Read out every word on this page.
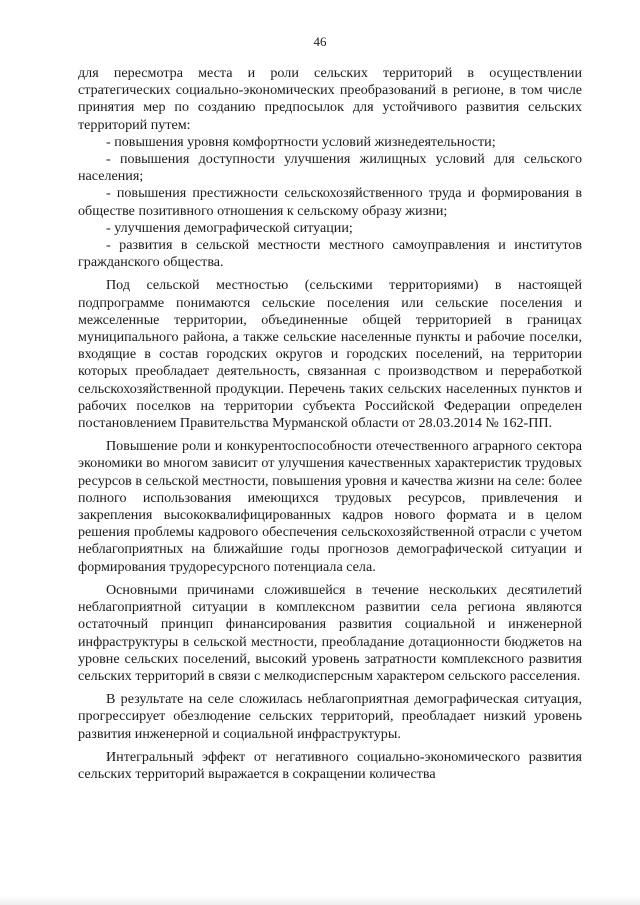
46

для пересмотра места и роли сельских территорий в осуществлении стратегических социально-экономических преобразований в регионе, в том числе принятия мер по созданию предпосылок для устойчивого развития сельских территорий путем:

- повышения уровня комфортности условий жизнедеятельности;

- повышения доступности улучшения жилищных условий для сельского населения;

- повышения престижности сельскохозяйственного труда и формирования в обществе позитивного отношения к сельскому образу жизни;

- улучшения демографической ситуации;

- развития в сельской местности местного самоуправления и институтов гражданского общества.

Под сельской местностью (сельскими территориями) в настоящей подпрограмме понимаются сельские поселения или сельские поселения и межселенные территории, объединенные общей территорией в границах муниципального района, а также сельские населенные пункты и рабочие поселки, входящие в состав городских округов и городских поселений, на территории которых преобладает деятельность, связанная с производством и переработкой сельскохозяйственной продукции. Перечень таких сельских населенных пунктов и рабочих поселков на территории субъекта Российской Федерации определен постановлением Правительства Мурманской области от 28.03.2014 № 162-ПП.

Повышение роли и конкурентоспособности отечественного аграрного сектора экономики во многом зависит от улучшения качественных характеристик трудовых ресурсов в сельской местности, повышения уровня и качества жизни на селе: более полного использования имеющихся трудовых ресурсов, привлечения и закрепления высококвалифицированных кадров нового формата и в целом решения проблемы кадрового обеспечения сельскохозяйственной отрасли с учетом неблагоприятных на ближайшие годы прогнозов демографической ситуации и формирования трудоресурсного потенциала села.

Основными причинами сложившейся в течение нескольких десятилетий неблагоприятной ситуации в комплексном развитии села региона являются остаточный принцип финансирования развития социальной и инженерной инфраструктуры в сельской местности, преобладание дотационности бюджетов на уровне сельских поселений, высокий уровень затратности комплексного развития сельских территорий в связи с мелкодисперсным характером сельского расселения.

В результате на селе сложилась неблагоприятная демографическая ситуация, прогрессирует обезлюдение сельских территорий, преобладает низкий уровень развития инженерной и социальной инфраструктуры.

Интегральный эффект от негативного социально-экономического развития сельских территорий выражается в сокращении количества
